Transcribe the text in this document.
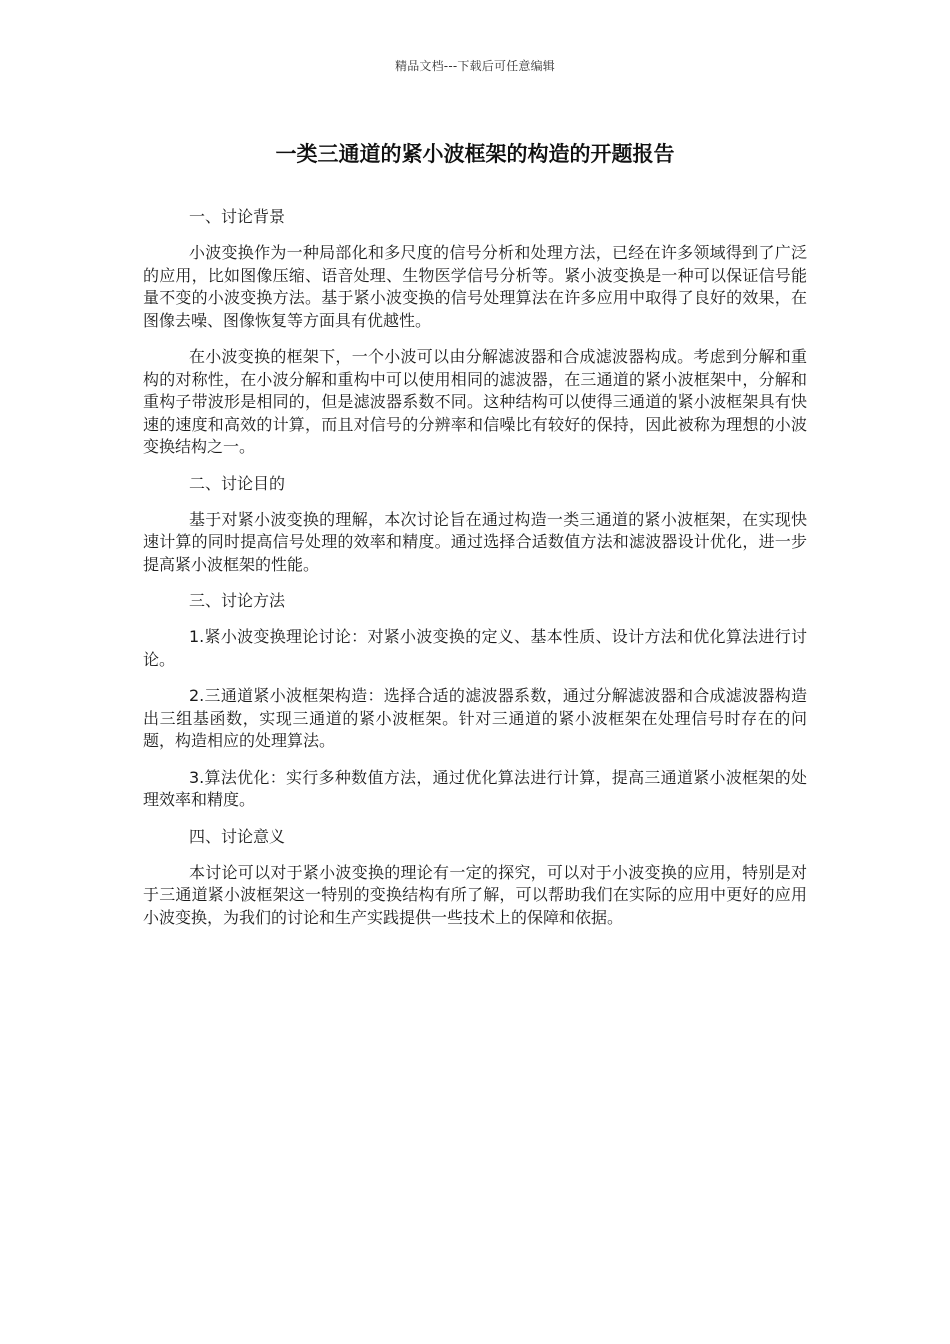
精品文档---下载后可任意编辑
一类三通道的紧小波框架的构造的开题报告
一、讨论背景
小波变换作为一种局部化和多尺度的信号分析和处理方法，已经在许多领域得到了广泛的应用，比如图像压缩、语音处理、生物医学信号分析等。紧小波变换是一种可以保证信号能量不变的小波变换方法。基于紧小波变换的信号处理算法在许多应用中取得了良好的效果，在图像去噪、图像恢复等方面具有优越性。
在小波变换的框架下，一个小波可以由分解滤波器和合成滤波器构成。考虑到分解和重构的对称性，在小波分解和重构中可以使用相同的滤波器，在三通道的紧小波框架中，分解和重构子带波形是相同的，但是滤波器系数不同。这种结构可以使得三通道的紧小波框架具有快速的速度和高效的计算，而且对信号的分辨率和信噪比有较好的保持，因此被称为理想的小波变换结构之一。
二、讨论目的
基于对紧小波变换的理解，本次讨论旨在通过构造一类三通道的紧小波框架，在实现快速计算的同时提高信号处理的效率和精度。通过选择合适数值方法和滤波器设计优化，进一步提高紧小波框架的性能。
三、讨论方法
1.紧小波变换理论讨论：对紧小波变换的定义、基本性质、设计方法和优化算法进行讨论。
2.三通道紧小波框架构造：选择合适的滤波器系数，通过分解滤波器和合成滤波器构造出三组基函数，实现三通道的紧小波框架。针对三通道的紧小波框架在处理信号时存在的问题，构造相应的处理算法。
3.算法优化：实行多种数值方法，通过优化算法进行计算，提高三通道紧小波框架的处理效率和精度。
四、讨论意义
本讨论可以对于紧小波变换的理论有一定的探究，可以对于小波变换的应用，特别是对于三通道紧小波框架这一特别的变换结构有所了解，可以帮助我们在实际的应用中更好的应用小波变换，为我们的讨论和生产实践提供一些技术上的保障和依据。
